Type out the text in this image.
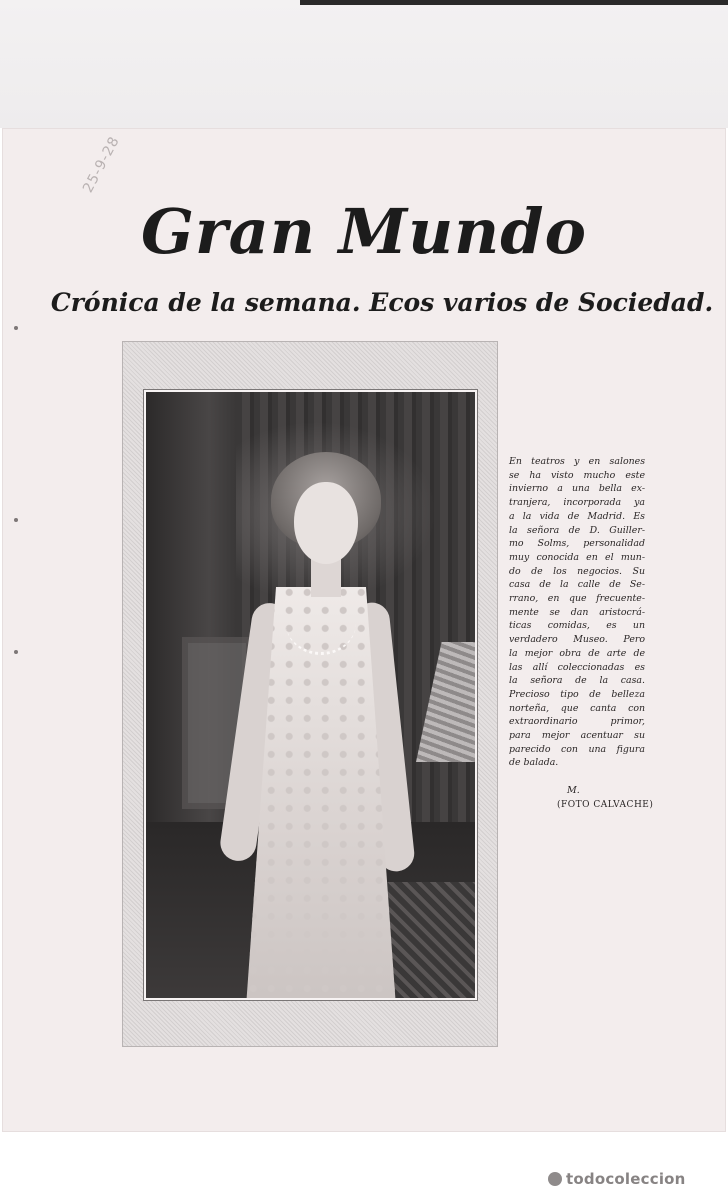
25-9-28
Gran Mundo
Crónica de la semana. Ecos varios de Sociedad.

En teatros y en salones
se ha visto mucho este
invierno a una bella ex-
tranjera, incorporada ya
a la vida de Madrid. Es
la señora de D. Guiller-
mo Solms, personalidad
muy conocida en el mun-
do de los negocios. Su
casa de la calle de Se-
rrano, en que frecuente-
mente se dan aristocrá-
ticas comidas, es un
verdadero Museo. Pero
la mejor obra de arte de
las allí coleccionadas es
la señora de la casa.
Precioso tipo de belleza
norteña, que canta con
extraordinario primor,
para mejor acentuar su
parecido con una figura
de balada.

M.
(FOTO CALVACHE)
todocoleccion
